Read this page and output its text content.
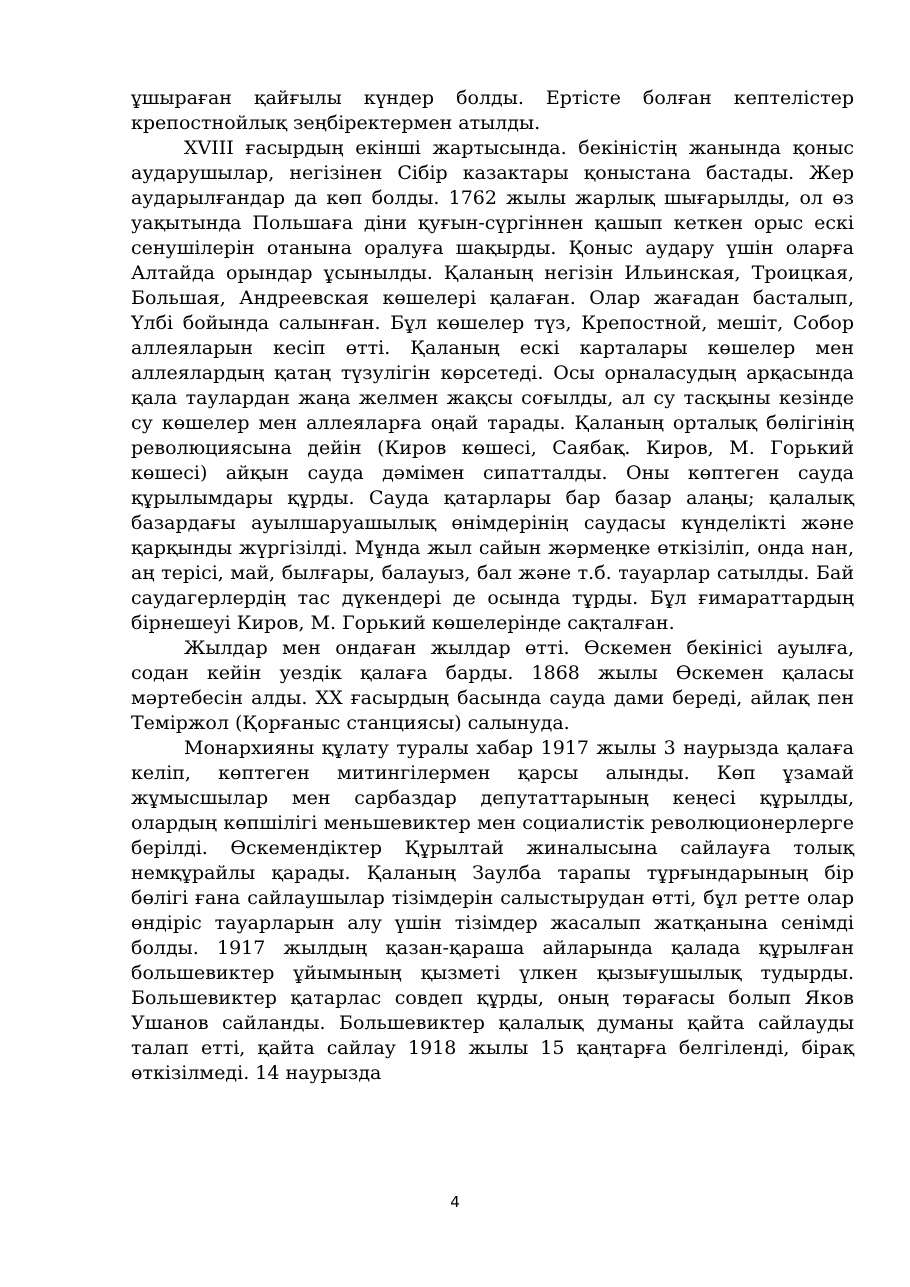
ұшыраған қайғылы күндер болды. Ертісте болған кептелістер крепостнойлық зеңбіректермен атылды.

XVIII ғасырдың екінші жартысында. бекіністің жанында қоныс аударушылар, негізінен Сібір казактары қоныстана бастады. Жер аударылғандар да көп болды. 1762 жылы жарлық шығарылды, ол өз уақытында Польшаға діни қуғын-сүргіннен қашып кеткен орыс ескі сенушілерін отанына оралуға шақырды. Қоныс аудару үшін оларға Алтайда орындар ұсынылды. Қаланың негізін Ильинская, Троицкая, Большая, Андреевская көшелері қалаған. Олар жағадан басталып, Үлбі бойында салынған. Бұл көшелер түз, Крепостной, мешіт, Собор аллеяларын кесіп өтті. Қаланың ескі карталары көшелер мен аллеялардың қатаң түзулігін көрсетеді. Осы орналасудың арқасында қала таулардан жаңа желмен жақсы соғылды, ал су тасқыны кезінде су көшелер мен аллеяларға оңай тарады. Қаланың орталық бөлігінің революциясына дейін (Киров көшесі, Саябақ. Киров, М. Горький көшесі) айқын сауда дәмімен сипатталды. Оны көптеген сауда құрылымдары құрды. Сауда қатарлары бар базар алаңы; қалалық базардағы ауылшаруашылық өнімдерінің саудасы күнделікті және қарқынды жүргізілді. Мұнда жыл сайын жәрмеңке өткізіліп, онда нан, аң терісі, май, былғары, балауыз, бал және т.б. тауарлар сатылды. Бай саудагерлердің тас дүкендері де осында тұрды. Бұл ғимараттардың бірнешеуі Киров, М. Горький көшелерінде сақталған.

Жылдар мен ондаған жылдар өтті. Өскемен бекінісі ауылға, содан кейін уездік қалаға барды. 1868 жылы Өскемен қаласы мәртебесін алды. XX ғасырдың басында сауда дами береді, айлақ пен Теміржол (Қорғаныс станциясы) салынуда.

Монархияны құлату туралы хабар 1917 жылы 3 наурызда қалаға келіп, көптеген митингілермен қарсы алынды. Көп ұзамай жұмысшылар мен сарбаздар депутаттарының кеңесі құрылды, олардың көпшілігі меньшевиктер мен социалистік революционерлерге берілді. Өскемендіктер Құрылтай жиналысына сайлауға толық немқұрайлы қарады. Қаланың Заулба тарапы тұрғындарының бір бөлігі ғана сайлаушылар тізімдерін салыстырудан өтті, бұл ретте олар өндіріс тауарларын алу үшін тізімдер жасалып жатқанына сенімді болды. 1917 жылдың қазан-қараша айларында қалада құрылған большевиктер ұйымының қызметі үлкен қызығушылық тудырды. Большевиктер қатарлас совдеп құрды, оның төрағасы болып Яков Ушанов сайланды. Большевиктер қалалық думаны қайта сайлауды талап етті, қайта сайлау 1918 жылы 15 қаңтарға белгіленді, бірақ өткізілмеді. 14 наурызда

4
